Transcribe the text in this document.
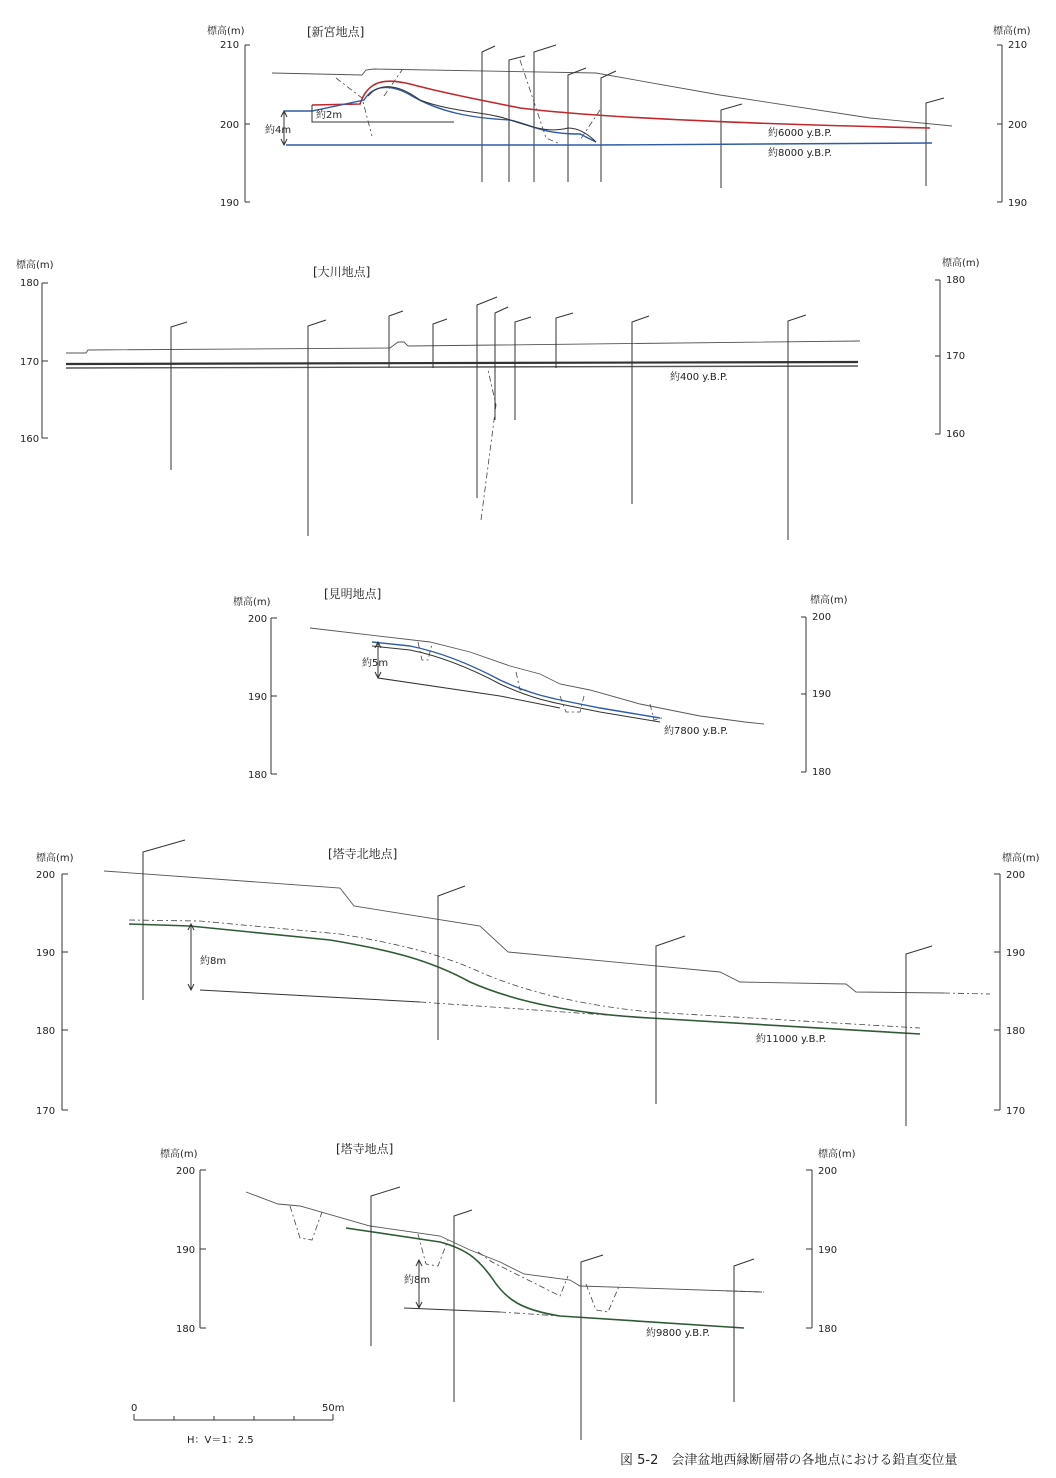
[新宮地点]
標高(m)
210
200
190
標高(m)
210
200
190
約2m
約4m	約6000 y.B.P.
約8000 y.B.P.
[大川地点]
標高(m)
180
170
160
標高(m)
180
170
160
約400 y.B.P.
[見明地点]
標高(m)
200
190
180
標高(m)
200
190
180
約5m
約7800 y.B.P.
[塔寺北地点]
標高(m)
200
190
180
170
標高(m)
200
190
180
170
約8m
約11000 y.B.P.
[塔寺地点]
標高(m)
200
190
180
標高(m)
200
190
180
約8m
約9800 y.B.P.
0	50m
H：V＝1：2.5
図 5-2　会津盆地西縁断層帯の各地点における鉛直変位量
